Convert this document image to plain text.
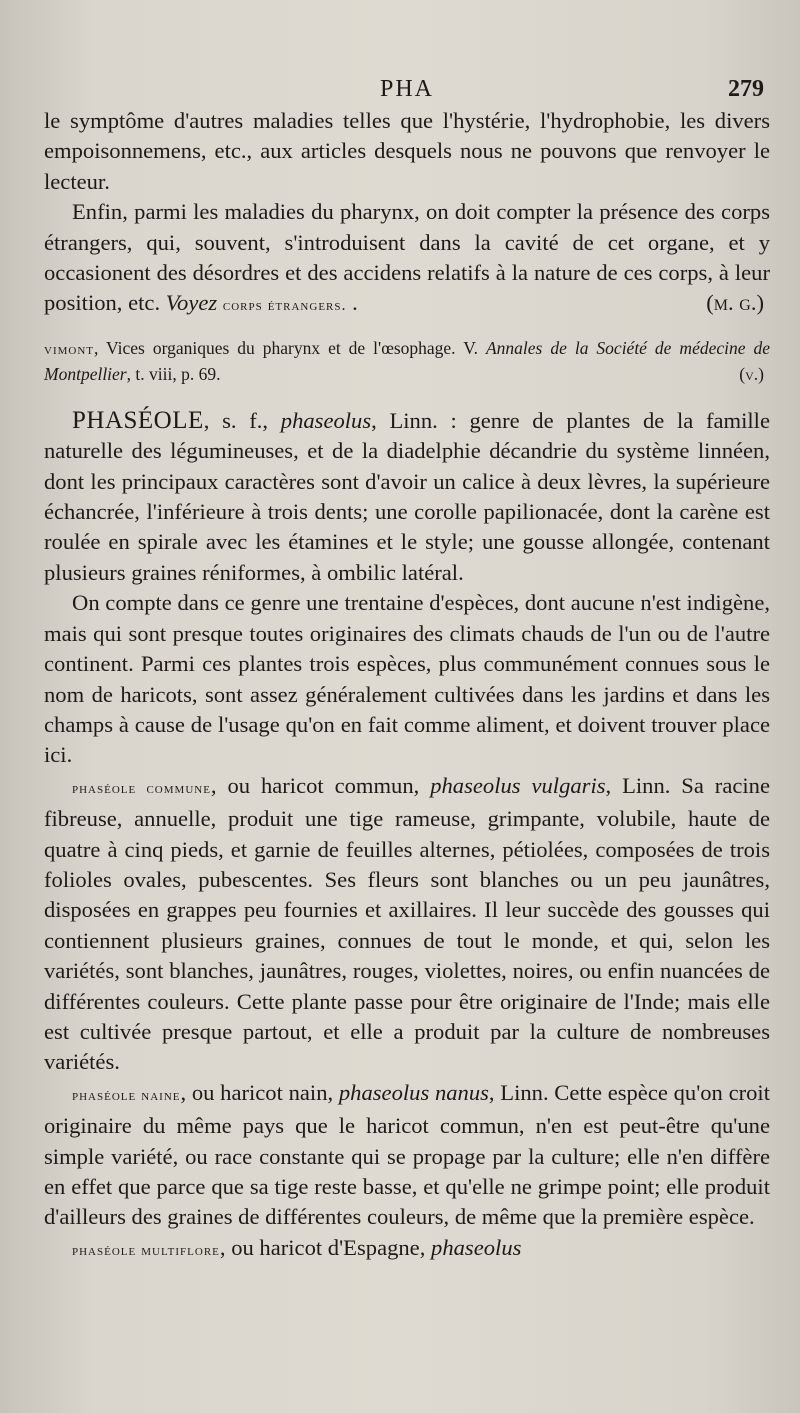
PHA	279

le symptôme d'autres maladies telles que l'hystérie, l'hydrophobie, les divers empoisonnemens, etc., aux articles desquels nous ne pouvons que renvoyer le lecteur.

Enfin, parmi les maladies du pharynx, on doit compter la présence des corps étrangers, qui, souvent, s'introduisent dans la cavité de cet organe, et y occasionent des désordres et des accidens relatifs à la nature de ces corps, à leur position, etc. Voyez corps étrangers. .	(m. g.)

vimont, Vices organiques du pharynx et de l'œsophage. V. Annales de la Société de médecine de Montpellier, t. viii, p. 69.	(v.)

PHASÉOLE, s. f., phaseolus, Linn. : genre de plantes de la famille naturelle des légumineuses, et de la diadelphie décandrie du système linnéen, dont les principaux caractères sont d'avoir un calice à deux lèvres, la supérieure échancrée, l'inférieure à trois dents; une corolle papilionacée, dont la carène est roulée en spirale avec les étamines et le style; une gousse allongée, contenant plusieurs graines réniformes, à ombilic latéral.

On compte dans ce genre une trentaine d'espèces, dont aucune n'est indigène, mais qui sont presque toutes originaires des climats chauds de l'un ou de l'autre continent. Parmi ces plantes trois espèces, plus communément connues sous le nom de haricots, sont assez généralement cultivées dans les jardins et dans les champs à cause de l'usage qu'on en fait comme aliment, et doivent trouver place ici.

phaséole commune, ou haricot commun, phaseolus vulgaris, Linn. Sa racine fibreuse, annuelle, produit une tige rameuse, grimpante, volubile, haute de quatre à cinq pieds, et garnie de feuilles alternes, pétiolées, composées de trois folioles ovales, pubescentes. Ses fleurs sont blanches ou un peu jaunâtres, disposées en grappes peu fournies et axillaires. Il leur succède des gousses qui contiennent plusieurs graines, connues de tout le monde, et qui, selon les variétés, sont blanches, jaunâtres, rouges, violettes, noires, ou enfin nuancées de différentes couleurs. Cette plante passe pour être originaire de l'Inde; mais elle est cultivée presque partout, et elle a produit par la culture de nombreuses variétés.

phaséole naine, ou haricot nain, phaseolus nanus, Linn. Cette espèce qu'on croit originaire du même pays que le haricot commun, n'en est peut-être qu'une simple variété, ou race constante qui se propage par la culture; elle n'en diffère en effet que parce que sa tige reste basse, et qu'elle ne grimpe point; elle produit d'ailleurs des graines de différentes couleurs, de même que la première espèce.

phaséole multiflore, ou haricot d'Espagne, phaseolus
